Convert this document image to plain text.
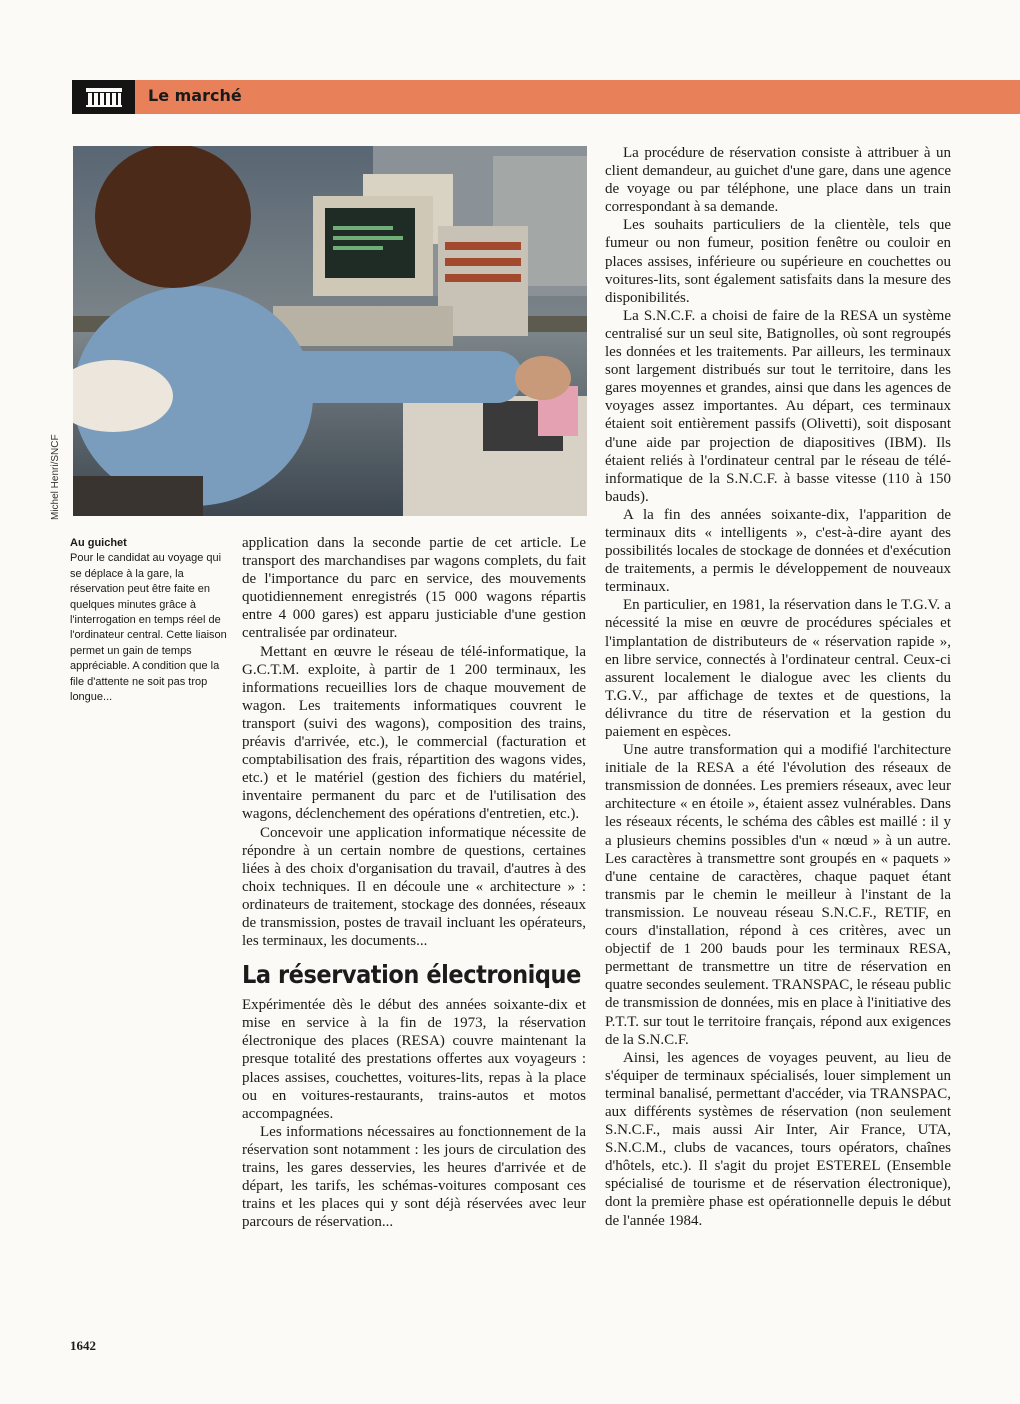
Le marché
Michel Henri/SNCF
Au guichet
Pour le candidat au voyage qui se déplace à la gare, la réservation peut être faite en quelques minutes grâce à l'interrogation en temps réel de l'ordinateur central. Cette liaison permet un gain de temps appréciable. A condition que la file d'attente ne soit pas trop longue...

application dans la seconde partie de cet article. Le transport des marchandises par wagons complets, du fait de l'importance du parc en service, des mouvements quotidiennement enregistrés (15 000 wagons répartis entre 4 000 gares) est apparu justiciable d'une gestion centralisée par ordinateur.

Mettant en œuvre le réseau de télé-informatique, la G.C.T.M. exploite, à partir de 1 200 terminaux, les informations recueillies lors de chaque mouvement de wagon. Les traitements informatiques couvrent le transport (suivi des wagons), composition des trains, préavis d'arrivée, etc.), le commercial (facturation et comptabilisation des frais, répartition des wagons vides, etc.) et le matériel (gestion des fichiers du matériel, inventaire permanent du parc et de l'utilisation des wagons, déclenchement des opérations d'entretien, etc.).

Concevoir une application informatique nécessite de répondre à un certain nombre de questions, certaines liées à des choix d'organisation du travail, d'autres à des choix techniques. Il en découle une « architecture » : ordinateurs de traitement, stockage des données, réseaux de transmission, postes de travail incluant les opérateurs, les terminaux, les documents...

La réservation électronique

Expérimentée dès le début des années soixante-dix et mise en service à la fin de 1973, la réservation électronique des places (RESA) couvre maintenant la presque totalité des prestations offertes aux voyageurs : places assises, couchettes, voitures-lits, repas à la place ou en voitures-restaurants, trains-autos et motos accompagnées.

Les informations nécessaires au fonctionnement de la réservation sont notamment : les jours de circulation des trains, les gares desservies, les heures d'arrivée et de départ, les tarifs, les schémas-voitures composant ces trains et les places qui y sont déjà réservées avec leur parcours de réservation...

La procédure de réservation consiste à attribuer à un client demandeur, au guichet d'une gare, dans une agence de voyage ou par téléphone, une place dans un train correspondant à sa demande.

Les souhaits particuliers de la clientèle, tels que fumeur ou non fumeur, position fenêtre ou couloir en places assises, inférieure ou supérieure en couchettes ou voitures-lits, sont également satisfaits dans la mesure des disponibilités.

La S.N.C.F. a choisi de faire de la RESA un système centralisé sur un seul site, Batignolles, où sont regroupés les données et les traitements. Par ailleurs, les terminaux sont largement distribués sur tout le territoire, dans les gares moyennes et grandes, ainsi que dans les agences de voyages assez importantes. Au départ, ces terminaux étaient soit entièrement passifs (Olivetti), soit disposant d'une aide par projection de diapositives (IBM). Ils étaient reliés à l'ordinateur central par le réseau de télé-informatique de la S.N.C.F. à basse vitesse (110 à 150 bauds).

A la fin des années soixante-dix, l'apparition de terminaux dits « intelligents », c'est-à-dire ayant des possibilités locales de stockage de données et d'exécution de traitements, a permis le développement de nouveaux terminaux.

En particulier, en 1981, la réservation dans le T.G.V. a nécessité la mise en œuvre de procédures spéciales et l'implantation de distributeurs de « réservation rapide », en libre service, connectés à l'ordinateur central. Ceux-ci assurent localement le dialogue avec les clients du T.G.V., par affichage de textes et de questions, la délivrance du titre de réservation et la gestion du paiement en espèces.

Une autre transformation qui a modifié l'architecture initiale de la RESA a été l'évolution des réseaux de transmission de données. Les premiers réseaux, avec leur architecture « en étoile », étaient assez vulnérables. Dans les réseaux récents, le schéma des câbles est maillé : il y a plusieurs chemins possibles d'un « nœud » à un autre. Les caractères à transmettre sont groupés en « paquets » d'une centaine de caractères, chaque paquet étant transmis par le chemin le meilleur à l'instant de la transmission. Le nouveau réseau S.N.C.F., RETIF, en cours d'installation, répond à ces critères, avec un objectif de 1 200 bauds pour les terminaux RESA, permettant de transmettre un titre de réservation en quatre secondes seulement. TRANSPAC, le réseau public de transmission de données, mis en place à l'initiative des P.T.T. sur tout le territoire français, répond aux exigences de la S.N.C.F.

Ainsi, les agences de voyages peuvent, au lieu de s'équiper de terminaux spécialisés, louer simplement un terminal banalisé, permettant d'accéder, via TRANSPAC, aux différents systèmes de réservation (non seulement S.N.C.F., mais aussi Air Inter, Air France, UTA, S.N.C.M., clubs de vacances, tours opérators, chaînes d'hôtels, etc.). Il s'agit du projet ESTEREL (Ensemble spécialisé de tourisme et de réservation électronique), dont la première phase est opérationnelle depuis le début de l'année 1984.

1642
